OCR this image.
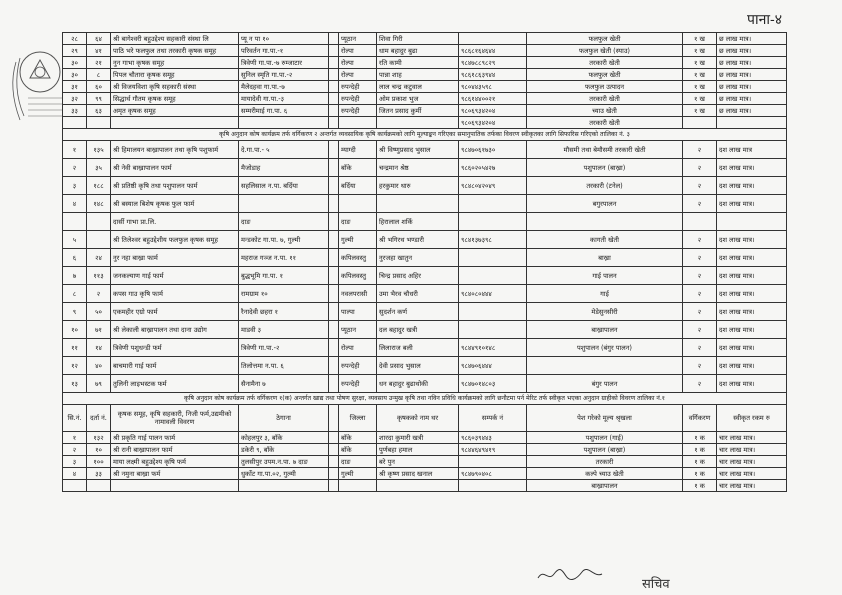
पाना-४
२८	६४	श्री बागेश्वरी बहुउद्देश्य सहकारी संस्था लि	प्यू न पा १०		प्यूठान	शिवा गिरी		फलफुल खेती	१ ख	छ लाख मात्र।
२९	४१	पाठि भरे फलफुल तथा तरकारी कृषक समूह	परिवर्तन गा.पा.-१		रोल्पा	धाम बहादुर बुढा	९८६८१६४६४४	फलफुल खेती (स्याउ)	१ ख	छ लाख मात्र।
३०	२१	नुन गाभा कृषक समूह	त्रिवेणी गा.पा.-७ रुम्जाटार		रोल्पा	रति कामी	९८४७८८९८२९	तरकारी खेती	१ ख	छ लाख मात्र।
३०	८	पिपल चौतारा कृषक समूह	सुनिल स्मृति गा.पा.-२		रोल्पा	पान्ना शाह	९८६१८६३९४४	फलफुल खेती	१ ख	छ लाख मात्र।
३१	६०	श्री विजयविशा कृषि सहकारी संस्था	मैलेदहवा गा.पा.-७		रुपन्देही	लाल चन्द्र कटुवाल	९८०४४३५९८	फलफुल उत्पादन	१ ख	छ लाख मात्र।
३२	९९	सिद्धार्थ गौतम कृषक समूह	मायादेवी गा.पा.-३		रुपन्देही	ओम प्रकाश भुज	९८६१४४००२१	तरकारी खेती	१ ख	छ लाख मात्र।
३३	६३	अमृत कृषक समूह	सम्मरीमाई गा.पा. ६		रुपन्देही	जितन प्रसाद कुर्मी	९८०६९३४२०४	च्याउ खेती	१ ख	छ लाख मात्र।
							९८०६९३४२०४	तरकारी खेती		
कृषि अनुदान कोष कार्यक्रम तर्फ वर्गिकरण २ अन्तर्गत व्यवसायिक कृषि कार्यक्रमको लागि मूल्याङ्कन गरिएका समानुपातिक तर्फका विवरण स्वीकृतका लागि सिफारिस गरिएको तालिका नं. ३										
१	१३५	श्री हिमालयन बाख्रापालन तथा कृषि पशुफार्म	दे.गा.पा.- ५		म्याग्दी	श्री विष्णुप्रसाद भुसाल	९८४७०६१७३०	मौसमी तथा बेमौसमी तरकारी खेती	२	दश लाख मात्र
२	३५	श्री नेवी बाख्रापालन फार्म	मैजोडाह		बाँके	चन्द्रमान श्रेष्ठ	९८६०२०५४२७	पशुपालन (बाख्रा)	२	दश लाख मात्र।
३	१८८	श्री प्रतिष्ठी कृषि तथा पशुपालन फार्म	सहलिसाल न.पा. बर्दिया		बर्दिया	हरकुमार थारु	९८४८०४२०४९	तरकारी (टनेल)	२	दश लाख मात्र।
४	१४८	श्री बस्याल बिशेष कृषक फुल फार्म						बगुरपालन	२	दश लाख मात्र।
		दार्सी गाभा प्रा.लि.	दाङ		दाङ	हिरालाल शर्कि				
५		श्री तिलेश्वर बहुउद्देशीय फलफुल कृषक समूह	मन्डकोट गा.पा. ७, गुल्मी		गुल्मी	श्री भगिरथ भण्डारी	९८४१३७३९८	कागती खेती	२	दश लाख मात्र।
६	२४	नुर नहा बाख्रा फार्म	महराज गञ्ज न.पा. ११		कपिलवस्तु	नुरजहा खातुन		बाख्रा	२	दश लाख मात्र।
७	११३	जनकल्याण गाई फार्म	बुद्धभूमि गा.पा. १		कपिलवस्तु	चिन्द्र प्रसाद अहिर		गाई पालन	२	दश लाख मात्र।
८	२	कपस गाउ कृषि फार्म	रामग्राम १०		नवलपरासी	उमा भैरव चौधरी	९८४०८०४४४	गाई	२	दश लाख मात्र।
९	५०	एकमहीर एग्रो फार्म	रैनादेवी छहरा १		पाल्पा	सुदर्शन कर्ण		मेडेसुनसीरी	२	दश लाख मात्र।
१०	७१	श्री लेकाली बाख्रापालन तथा दाना उद्योग	माडवी ३		प्यूठान	दल बहादुर खत्री		बाख्रापालन	२	दश लाख मात्र।
११	१४	त्रिवेणी पशुधन्डी फर्म	त्रिवेणी गा.पा.-२		रोल्पा	लिलाराज बली	९८४४९१०१४८	पशुपालन (बंगुर पालन)	२	दश लाख मात्र।
१२	४०	बाचमारी गाई फार्म	तिलोत्तमा न.पा. ६		रुपन्देही	देवी प्रसाद भुसाल	९८४७०६४४४		२	दश लाख मात्र।
१३	७९	तुलिनी लाइभस्टक फर्म	सैनामैना ७		रुपन्देही	धन बहादुर बुढाथोकी	९८४७०१४८०३	बंगुर पालन	२	दश लाख मात्र।
कृषि अनुदान कोष कार्यक्रम तर्फ वर्गिकरण १(क) अन्तर्गत खाद्य तथा पोषण सुरक्षा, व्यवसाय उन्मुख कृषि तथा नविन प्रविधि कार्यक्रमको लागि छनौटमा पर्न मेरिट तर्फ स्वीकृत भएका अनुदान ग्राहीको विवरण तालिका नं.१										
सि.नं.	दर्ता नं.	कृषक समूह, कृषि सहकारी, निजी फर्म,उद्यमीको नामावली विवरण	ठेगाना		जिल्ला	कृषकको नाम थर	सम्पर्क नं	पेश गरेको मूल्य श्रृखला	वर्गिकरण	स्वीकृत रकम रु
१	१३२	श्री प्रकृति गाई पालन फार्म	कोहलपुर ३, बाँके		बाँके	शारदा कुमारी खत्री	९८६०३९४४३	पशुपालन (गाई)	१ क	चार लाख मात्र।
२	१०	श्री रानी बाख्रापालन फार्म	डकेरी ९, बाँके		बाँके	पुर्णबहा हमाल	९८४४६४९४१९	पशुपालन (बाख्रा)	१ क	चार लाख मात्र।
३	१००	माया लक्ष्मी बहुउद्देश्य कृषि फर्म	तुलसीपुर उपम.न.पा. ७ दाङ		दाङ	बरे पुन		तरकारी	१ क	चार लाख मात्र।
४	३३	श्री नमुना बाख्रा फर्म	धुर्कोट गा.पा.०२, गुल्मी		गुल्मी	श्री कृष्ण प्रसाद खनाल	९८४७९०४०८	कल्पे च्याउ खेती	१ क	चार लाख मात्र।
								बाख्रापालन	१ क	चार लाख मात्र।
सचिव
